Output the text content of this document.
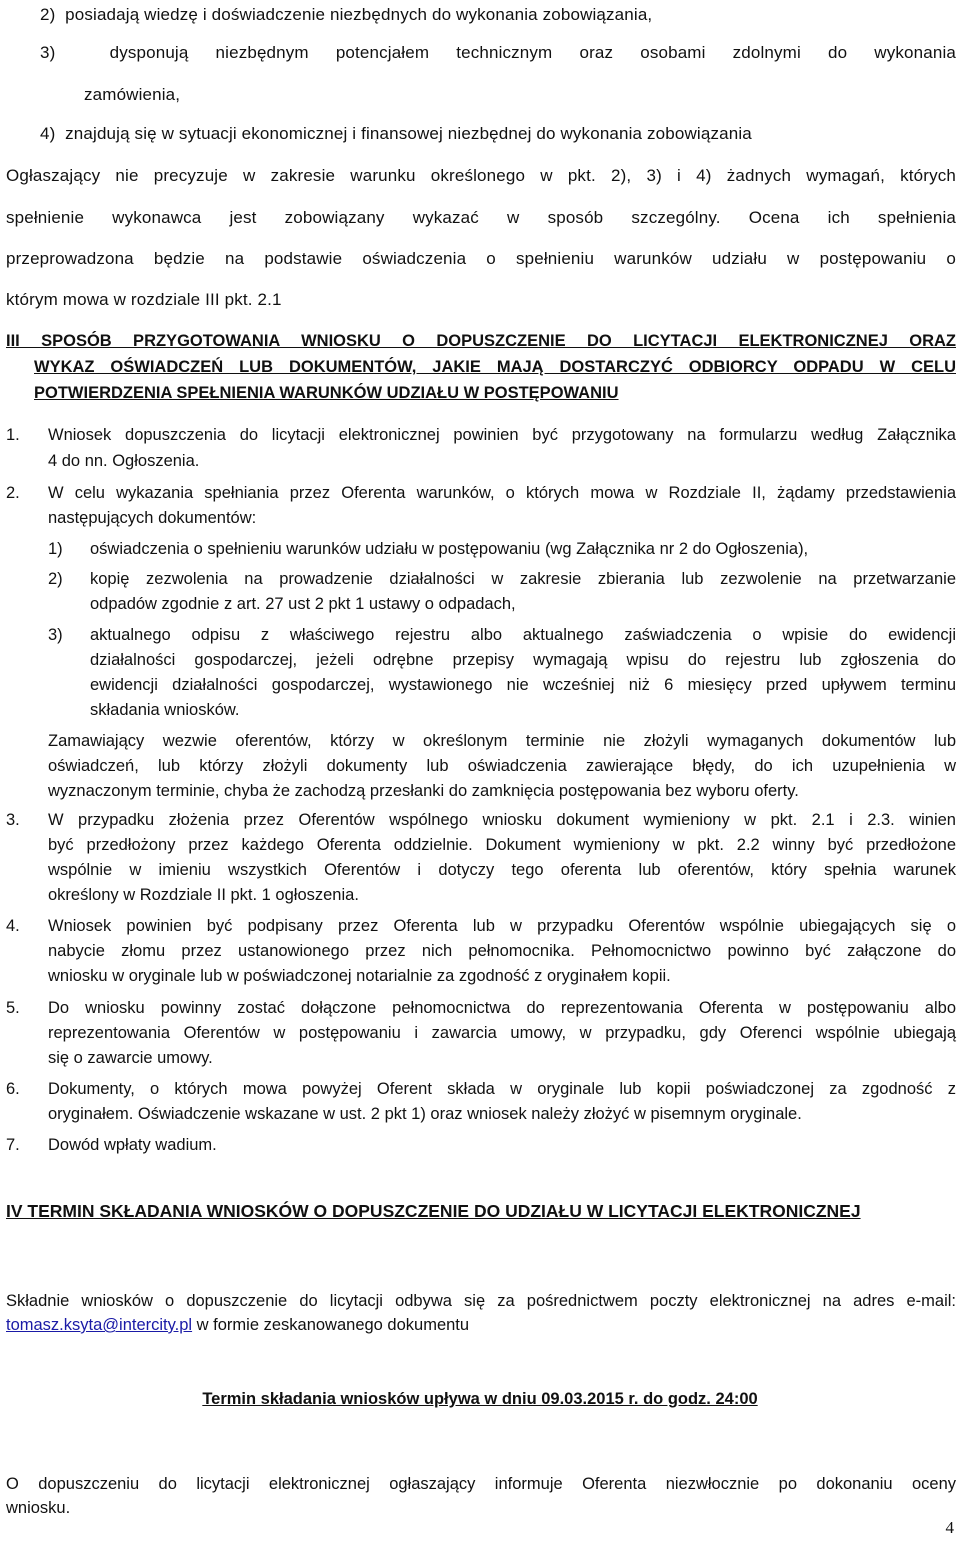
2)  posiadają wiedzę i doświadczenie niezbędnych do wykonania zobowiązania,
3)  dysponują niezbędnym potencjałem technicznym oraz osobami zdolnymi do wykonania
zamówienia,
4)  znajdują się w sytuacji ekonomicznej i finansowej niezbędnej do wykonania zobowiązania
Ogłaszający nie precyzuje w zakresie warunku określonego w pkt. 2), 3) i 4) żadnych wymagań, których
spełnienie wykonawca jest zobowiązany wykazać w sposób szczególny. Ocena ich spełnienia
przeprowadzona będzie na podstawie oświadczenia o spełnieniu warunków udziału w postępowaniu o
którym mowa w rozdziale III pkt. 2.1
III SPOSÓB PRZYGOTOWANIA WNIOSKU O DOPUSZCZENIE DO LICYTACJI ELEKTRONICZNEJ ORAZ
WYKAZ OŚWIADCZEŃ LUB DOKUMENTÓW, JAKIE MAJĄ DOSTARCZYĆ ODBIORCY ODPADU W CELU
POTWIERDZENIA SPEŁNIENIA WARUNKÓW UDZIAŁU W POSTĘPOWANIU
1.	Wniosek dopuszczenia do licytacji elektronicznej powinien być przygotowany na formularzu według Załącznika
4 do nn. Ogłoszenia.
2.	W celu wykazania spełniania przez Oferenta warunków, o których mowa w Rozdziale II, żądamy przedstawienia
następujących dokumentów:
1)	oświadczenia o spełnieniu warunków udziału w postępowaniu (wg Załącznika nr 2 do Ogłoszenia),
2)	kopię zezwolenia na prowadzenie działalności w zakresie zbierania lub zezwolenie na przetwarzanie
odpadów zgodnie z art. 27 ust 2 pkt 1 ustawy o odpadach,
3)	aktualnego odpisu z właściwego rejestru albo aktualnego zaświadczenia o wpisie do ewidencji
działalności gospodarczej, jeżeli odrębne przepisy wymagają wpisu do rejestru lub zgłoszenia do
ewidencji działalności gospodarczej, wystawionego nie wcześniej niż 6 miesięcy przed upływem terminu
składania wniosków.
Zamawiający wezwie oferentów, którzy w określonym terminie nie złożyli wymaganych dokumentów lub
oświadczeń, lub którzy złożyli dokumenty lub oświadczenia zawierające błędy, do ich uzupełnienia w
wyznaczonym terminie, chyba że zachodzą przesłanki do zamknięcia postępowania bez wyboru oferty.
3.	W przypadku złożenia przez Oferentów wspólnego wniosku dokument wymieniony w pkt. 2.1 i 2.3. winien
być przedłożony przez każdego Oferenta oddzielnie. Dokument wymieniony w pkt. 2.2 winny być przedłożone
wspólnie w imieniu wszystkich Oferentów i dotyczy tego oferenta lub oferentów, który spełnia warunek
określony w Rozdziale II pkt. 1 ogłoszenia.
4.	Wniosek powinien być podpisany przez Oferenta lub w przypadku Oferentów wspólnie ubiegających się o
nabycie złomu przez ustanowionego przez nich pełnomocnika. Pełnomocnictwo powinno być załączone do
wniosku w oryginale lub w poświadczonej notarialnie za zgodność z oryginałem kopii.
5.	Do wniosku powinny zostać dołączone pełnomocnictwa do reprezentowania Oferenta w postępowaniu albo
reprezentowania Oferentów w postępowaniu i zawarcia umowy, w przypadku, gdy Oferenci wspólnie ubiegają
się o zawarcie umowy.
6.	Dokumenty, o których mowa powyżej Oferent składa w oryginale lub kopii poświadczonej za zgodność z
oryginałem. Oświadczenie wskazane w ust. 2 pkt 1) oraz wniosek należy złożyć w pisemnym oryginale.
7.	Dowód wpłaty wadium.
IV TERMIN SKŁADANIA WNIOSKÓW O DOPUSZCZENIE DO UDZIAŁU W LICYTACJI ELEKTRONICZNEJ
Składnie wniosków o dopuszczenie do licytacji odbywa się za pośrednictwem poczty elektronicznej na adres e-mail:
tomasz.ksyta@intercity.pl w formie zeskanowanego dokumentu
Termin składania wniosków upływa w dniu 09.03.2015 r. do godz. 24:00
O dopuszczeniu do licytacji elektronicznej ogłaszający informuje Oferenta niezwłocznie po dokonaniu oceny
wniosku.
4
